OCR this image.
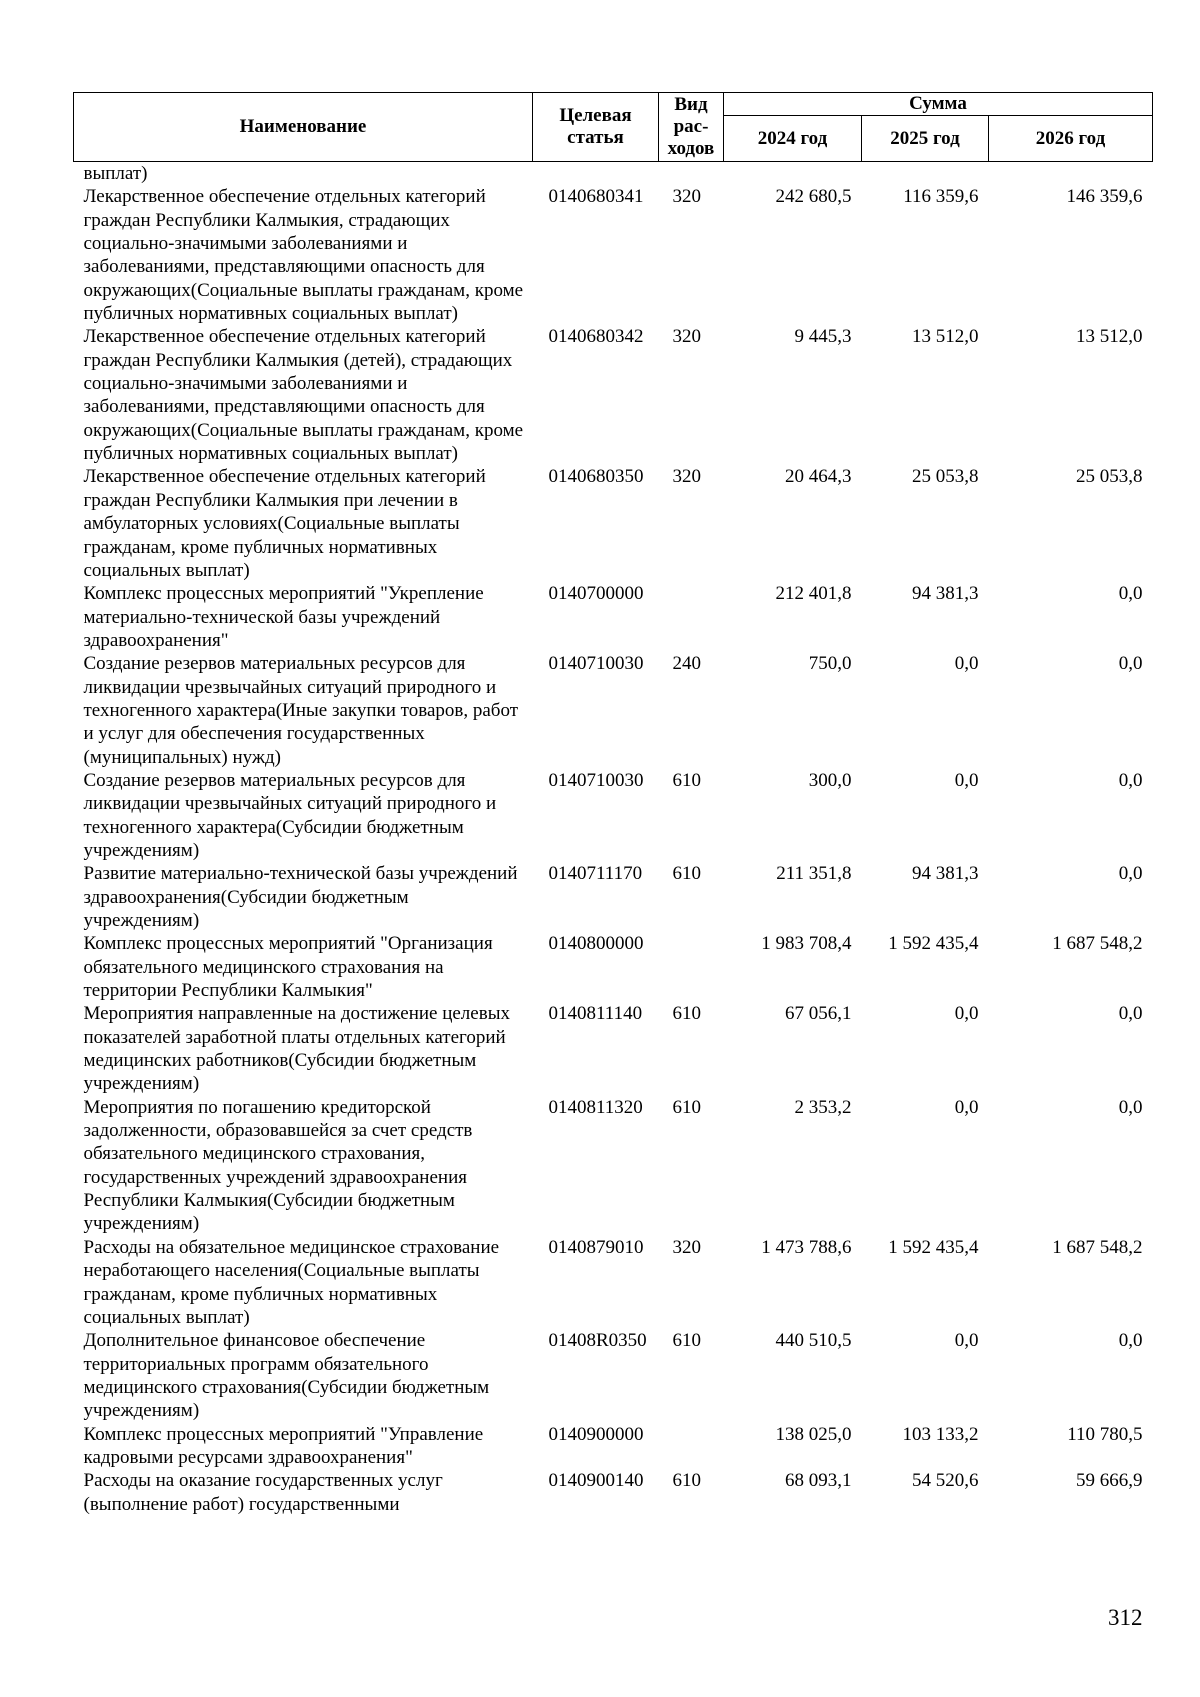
Наименование	Целевая статья	Вид рас-ходов	Сумма		
			2024 год	2025 год	2026 год
выплат)					
Лекарственное обеспечение отдельных категорий граждан Республики Калмыкия, страдающих социально-значимыми заболеваниями и заболеваниями, представляющими опасность для окружающих(Социальные выплаты гражданам, кроме публичных нормативных социальных выплат)	0140680341	320	242 680,5	116 359,6	146 359,6
Лекарственное обеспечение отдельных категорий граждан Республики Калмыкия (детей), страдающих социально-значимыми заболеваниями и заболеваниями, представляющими опасность для окружающих(Социальные выплаты гражданам, кроме публичных нормативных социальных выплат)	0140680342	320	9 445,3	13 512,0	13 512,0
Лекарственное обеспечение отдельных категорий граждан Республики Калмыкия при лечении в амбулаторных условиях(Социальные выплаты гражданам, кроме публичных нормативных социальных выплат)	0140680350	320	20 464,3	25 053,8	25 053,8
Комплекс процессных мероприятий "Укрепление материально-технической базы учреждений здравоохранения"	0140700000		212 401,8	94 381,3	0,0
Создание резервов материальных ресурсов для ликвидации чрезвычайных ситуаций природного и техногенного характера(Иные закупки товаров, работ и услуг для обеспечения государственных (муниципальных) нужд)	0140710030	240	750,0	0,0	0,0
Создание резервов материальных ресурсов для ликвидации чрезвычайных ситуаций природного и техногенного характера(Субсидии бюджетным учреждениям)	0140710030	610	300,0	0,0	0,0
Развитие материально-технической базы учреждений здравоохранения(Субсидии бюджетным учреждениям)	0140711170	610	211 351,8	94 381,3	0,0
Комплекс процессных мероприятий "Организация обязательного медицинского страхования на территории Республики Калмыкия"	0140800000		1 983 708,4	1 592 435,4	1 687 548,2
Мероприятия направленные на достижение целевых показателей заработной платы отдельных категорий медицинских работников(Субсидии бюджетным учреждениям)	0140811140	610	67 056,1	0,0	0,0
Мероприятия по погашению кредиторской задолженности, образовавшейся за счет средств обязательного медицинского страхования, государственных учреждений здравоохранения Республики Калмыкия(Субсидии бюджетным учреждениям)	0140811320	610	2 353,2	0,0	0,0
Расходы на обязательное медицинское страхование неработающего населения(Социальные выплаты гражданам, кроме публичных нормативных социальных выплат)	0140879010	320	1 473 788,6	1 592 435,4	1 687 548,2
Дополнительное финансовое обеспечение территориальных программ обязательного медицинского страхования(Субсидии бюджетным учреждениям)	01408R0350	610	440 510,5	0,0	0,0
Комплекс процессных мероприятий "Управление кадровыми ресурсами здравоохранения"	0140900000		138 025,0	103 133,2	110 780,5
Расходы на оказание государственных услуг (выполнение работ) государственными	0140900140	610	68 093,1	54 520,6	59 666,9
312
